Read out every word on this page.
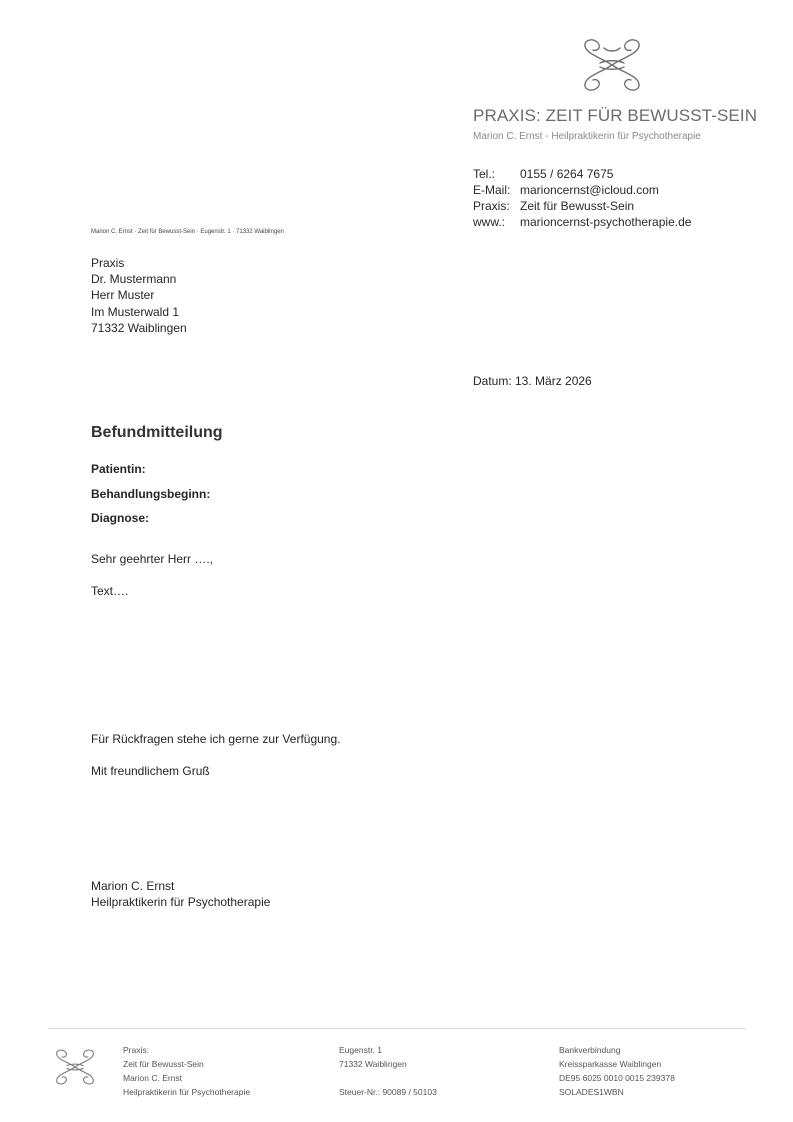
PRAXIS: ZEIT FÜR BEWUSST-SEIN
Marion C. Ernst - Heilpraktikerin für Psychotherapie
Tel.:	0155 / 6264 7675
E-Mail: marioncernst@icloud.com
Praxis: Zeit für Bewusst-Sein
www.:	marioncernst-psychotherapie.de
Marion C. Ernst · Zeit für Bewusst-Sein · Eugenstr. 1 · 71332 Waiblingen
Praxis
Dr. Mustermann
Herr Muster
Im Musterwald 1
71332 Waiblingen
Datum: 13. März 2026
Befundmitteilung
Patientin:
Behandlungsbeginn:
Diagnose:
Sehr geehrter Herr ….,
Text….
Für Rückfragen stehe ich gerne zur Verfügung.
Mit freundlichem Gruß
Marion C. Ernst
Heilpraktikerin für Psychotherapie
Praxis:
Zeit für Bewusst-Sein
Marion C. Ernst
Heilpraktikerin für Psychotherapie
Eugenstr. 1
71332 Waiblingen
Steuer-Nr.: 90089 / 50103
Bankverbindung
Kreissparkasse Waiblingen
DE95 6025 0010 0015 239378
SOLADES1WBN
